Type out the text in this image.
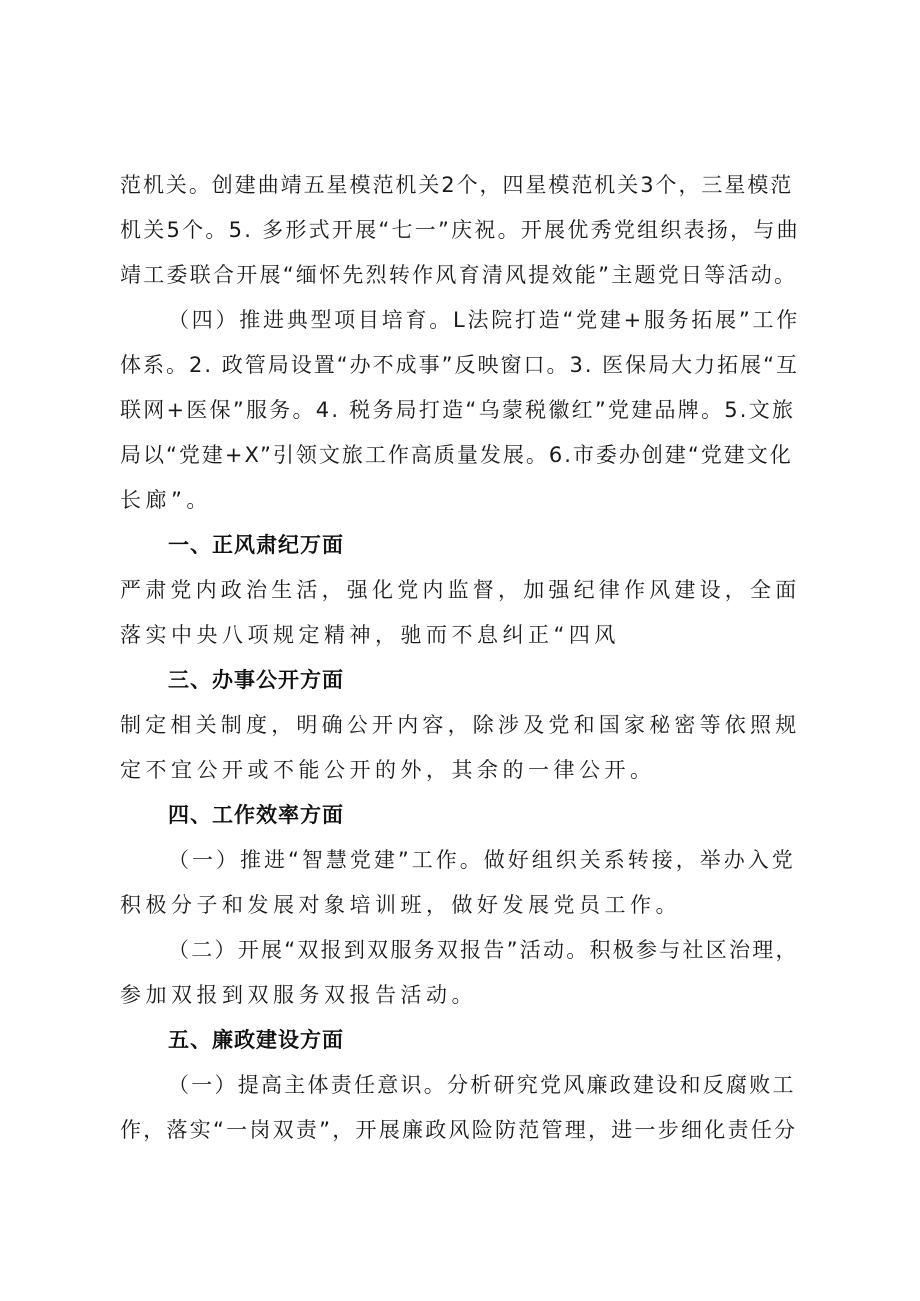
范机关。创建曲靖五星模范机关2个，四星模范机关3个，三星模范
机关5个。5. 多形式开展“七一”庆祝。开展优秀党组织表扬，与曲
靖工委联合开展“缅怀先烈转作风育清风提效能”主题党日等活动。
（四）推进典型项目培育。L法院打造“党建+服务拓展”工作
体系。2. 政管局设置“办不成事”反映窗口。3. 医保局大力拓展“互
联网+医保”服务。4. 税务局打造“乌蒙税徽红”党建品牌。5.文旅
局以“党建+X”引领文旅工作高质量发展。6.市委办创建“党建文化
长廊”。
一、正风肃纪万面
严肃党内政治生活，强化党内监督，加强纪律作风建设，全面
落实中央八项规定精神，驰而不息纠正“四风
三、办事公开方面
制定相关制度，明确公开内容，除涉及党和国家秘密等依照规
定不宜公开或不能公开的外，其余的一律公开。
四、工作效率方面
（一）推进“智慧党建”工作。做好组织关系转接，举办入党
积极分子和发展对象培训班，做好发展党员工作。
（二）开展“双报到双服务双报告”活动。积极参与社区治理，
参加双报到双服务双报告活动。
五、廉政建设方面
（一）提高主体责任意识。分析研究党风廉政建设和反腐败工
作，落实“一岗双责”，开展廉政风险防范管理，进一步细化责任分
